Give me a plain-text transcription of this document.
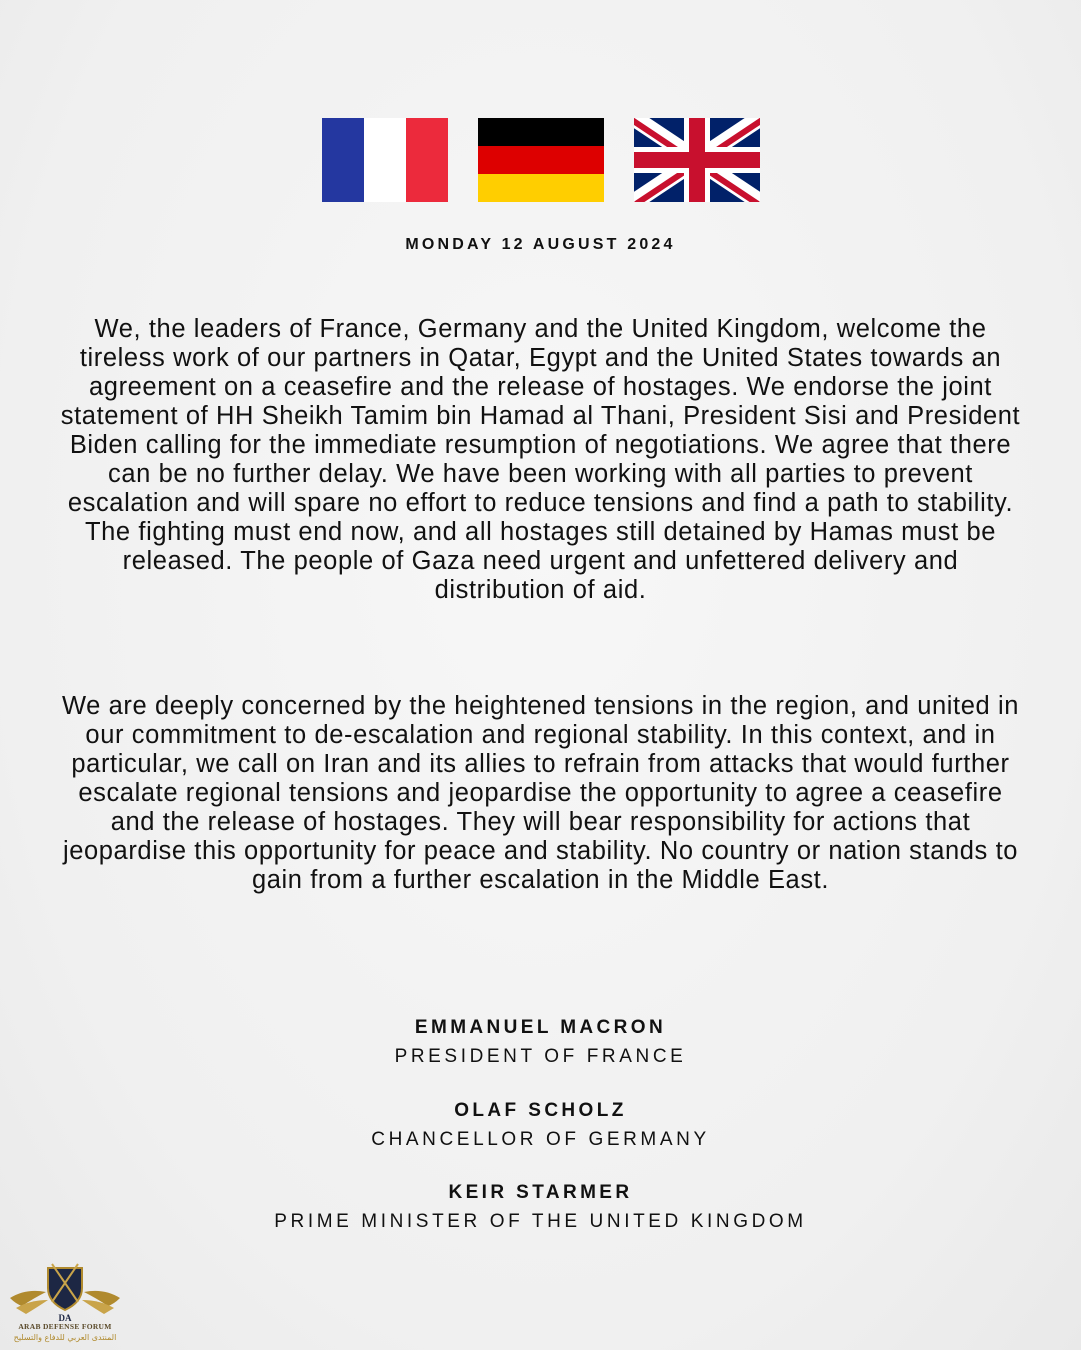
MONDAY 12 AUGUST 2024
We, the leaders of France, Germany and the United Kingdom, welcome the tireless work of our partners in Qatar, Egypt and the United States towards an agreement on a ceasefire and the release of hostages. We endorse the joint statement of HH Sheikh Tamim bin Hamad al Thani, President Sisi and President Biden calling for the immediate resumption of negotiations. We agree that there can be no further delay. We have been working with all parties to prevent escalation and will spare no effort to reduce tensions and find a path to stability. The fighting must end now, and all hostages still detained by Hamas must be released. The people of Gaza need urgent and unfettered delivery and distribution of aid.
We are deeply concerned by the heightened tensions in the region, and united in our commitment to de-escalation and regional stability. In this context, and in particular, we call on Iran and its allies to refrain from attacks that would further escalate regional tensions and jeopardise the opportunity to agree a ceasefire and the release of hostages. They will bear responsibility for actions that jeopardise this opportunity for peace and stability. No country or nation stands to gain from a further escalation in the Middle East.
EMMANUEL MACRON
PRESIDENT OF FRANCE
OLAF SCHOLZ
CHANCELLOR OF GERMANY
KEIR STARMER
PRIME MINISTER OF THE UNITED KINGDOM
DA
ARAB DEFENSE FORUM
المنتدى العربي للدفاع والتسليح
